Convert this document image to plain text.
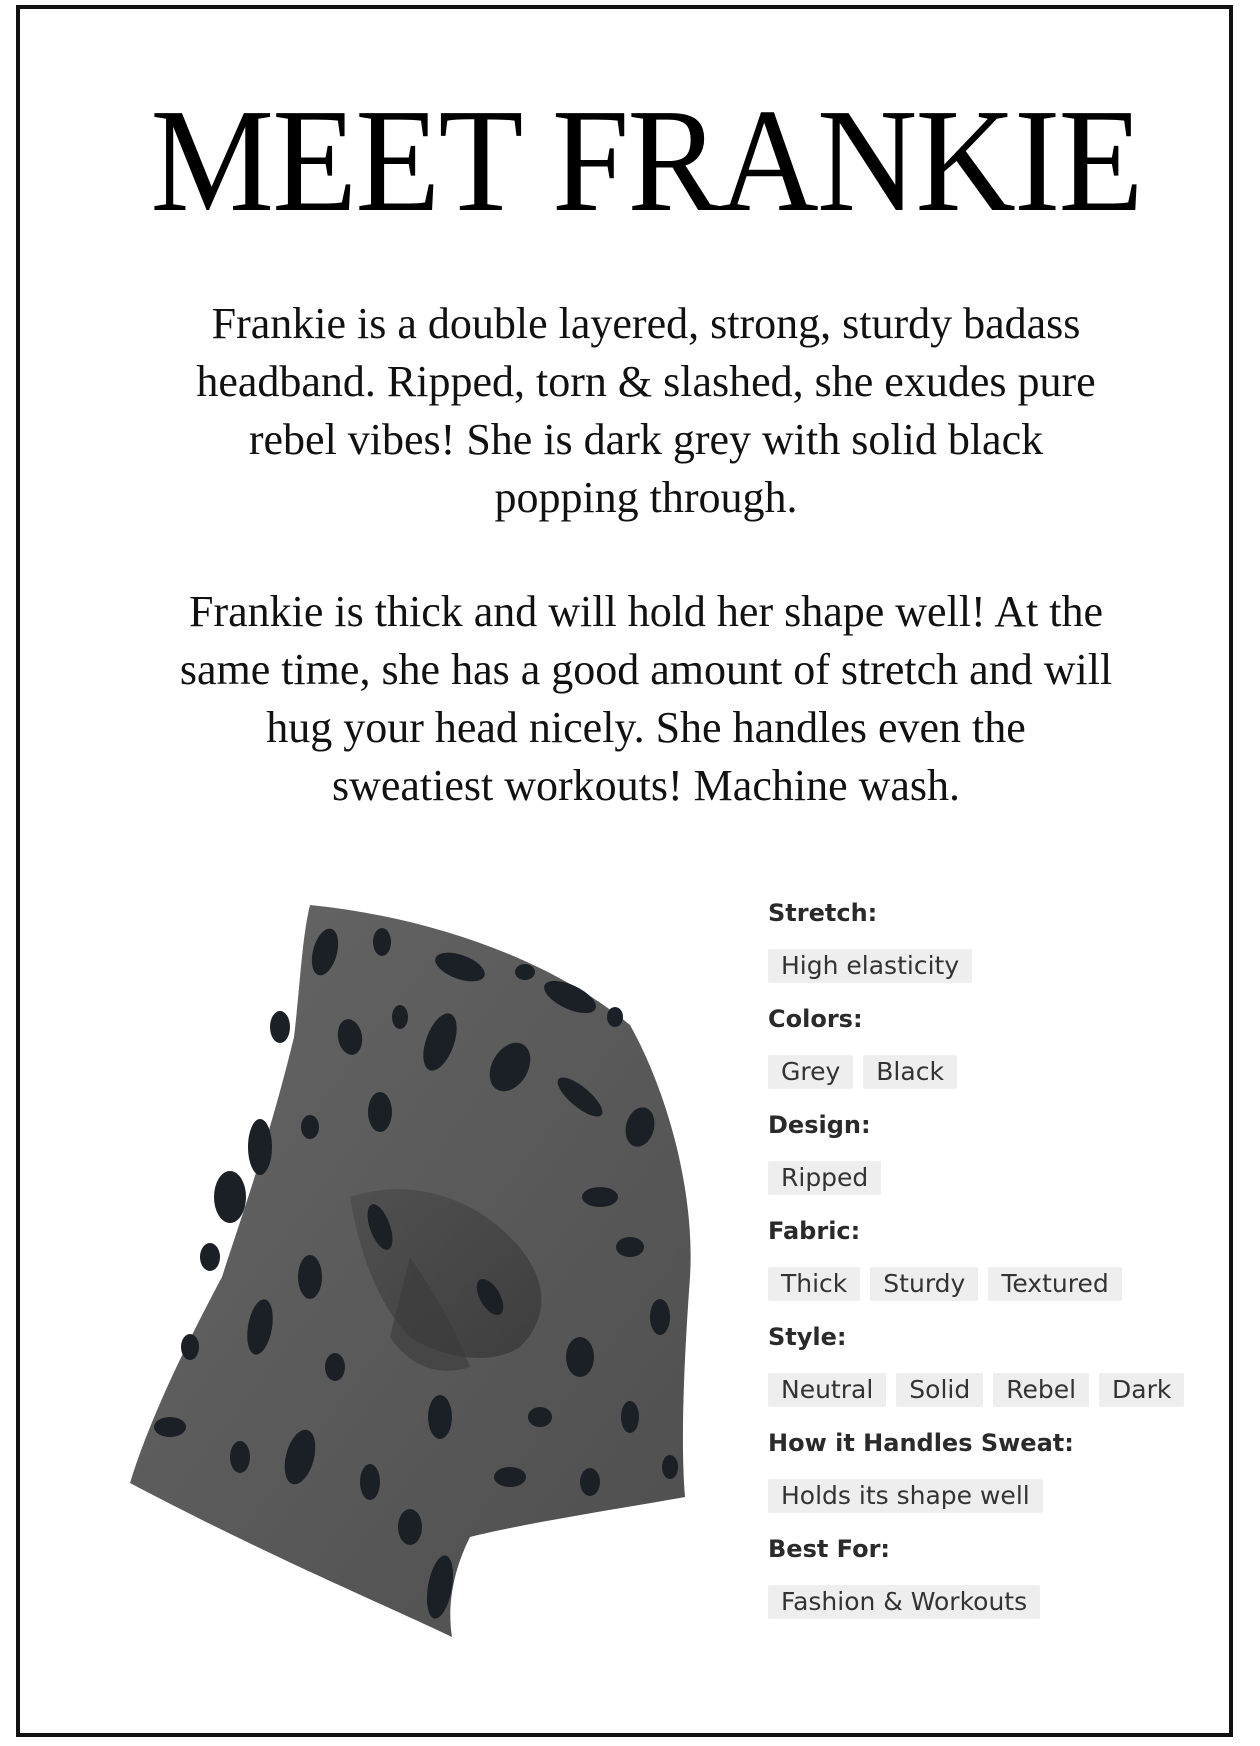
MEET FRANKIE
Frankie is a double layered, strong, sturdy badass
headband. Ripped, torn & slashed, she exudes pure
rebel vibes! She is dark grey with solid black
popping through.
Frankie is thick and will hold her shape well! At the
same time, she has a good amount of stretch and will
hug your head nicely. She handles even the
sweatiest workouts! Machine wash.
Stretch:
High elasticity
Colors:
Grey	Black
Design:
Ripped
Fabric:
Thick	Sturdy	Textured
Style:
Neutral	Solid	Rebel	Dark
How it Handles Sweat:
Holds its shape well
Best For:
Fashion & Workouts
